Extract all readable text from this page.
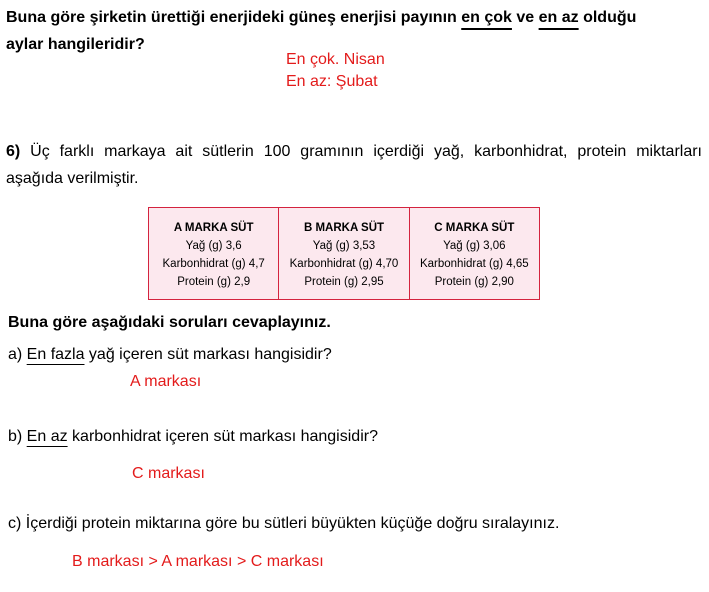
Buna göre şirketin ürettiği enerjideki güneş enerjisi payının en çok ve en az olduğu
aylar hangileridir?
En çok. Nisan
En az: Şubat
6) Üç farklı markaya ait sütlerin 100 gramının içerdiği yağ, karbonhidrat, protein miktarları
aşağıda verilmiştir.
A MARKA SÜT
Yağ (g) 3,6
Karbonhidrat (g) 4,7
Protein (g) 2,9
B MARKA SÜT
Yağ (g) 3,53
Karbonhidrat (g) 4,70
Protein (g) 2,95
C MARKA SÜT
Yağ (g) 3,06
Karbonhidrat (g) 4,65
Protein (g) 2,90
Buna göre aşağıdaki soruları cevaplayınız.
a) En fazla yağ içeren süt markası hangisidir?
A markası
b) En az karbonhidrat içeren süt markası hangisidir?
C markası
c) İçerdiği protein miktarına göre bu sütleri büyükten küçüğe doğru sıralayınız.
B markası > A markası > C markası
